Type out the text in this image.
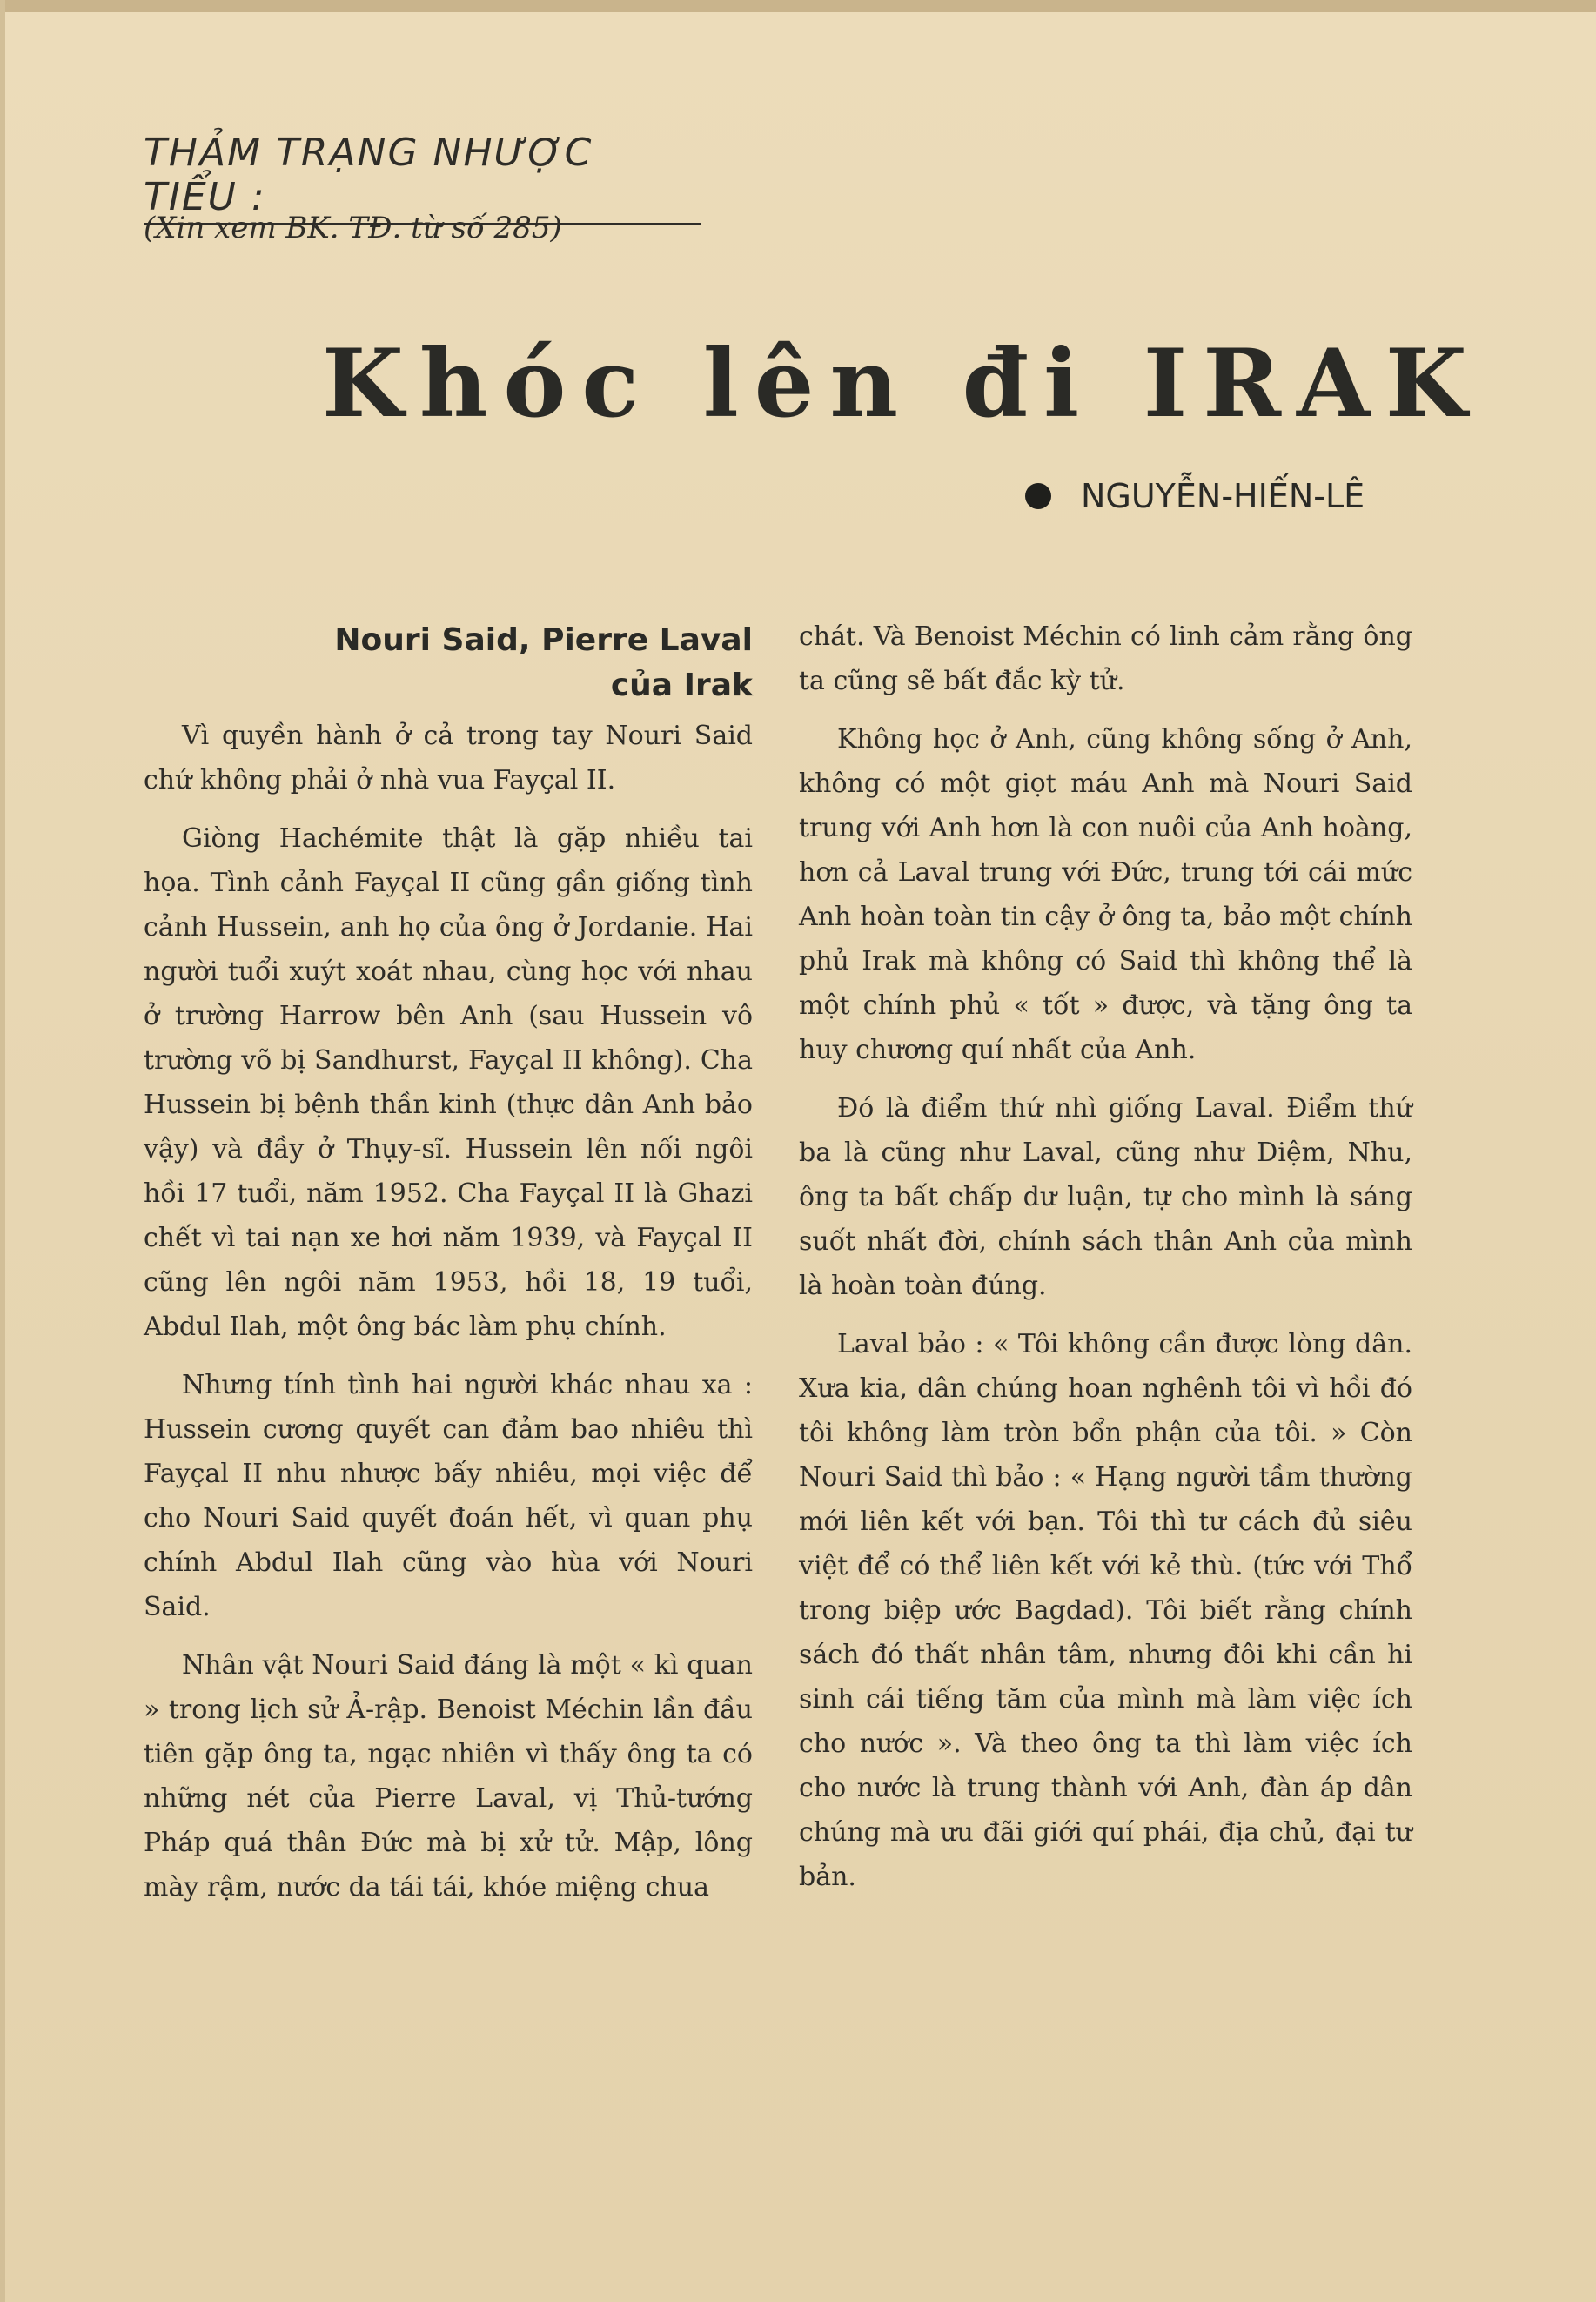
THẢM TRẠNG NHƯỢC TIỂU :
(Xin xem BK. TĐ. từ số 285)
Khóc lên đi IRAK
NGUYỄN-HIẾN-LÊ
Nouri Said, Pierre Laval
của Irak

Vì quyền hành ở cả trong tay Nouri Said chứ không phải ở nhà vua Fayçal II.

Giòng Hachémite thật là gặp nhiều tai họa. Tình cảnh Fayçal II cũng gần giống tình cảnh Hussein, anh họ của ông ở Jordanie. Hai người tuổi xuýt xoát nhau, cùng học với nhau ở trường Harrow bên Anh (sau Hussein vô trường võ bị Sandhurst, Fayçal II không). Cha Hussein bị bệnh thần kinh (thực dân Anh bảo vậy) và đầy ở Thụy-sĩ. Hussein lên nối ngôi hồi 17 tuổi, năm 1952. Cha Fayçal II là Ghazi chết vì tai nạn xe hơi năm 1939, và Fayçal II cũng lên ngôi năm 1953, hồi 18, 19 tuổi, Abdul Ilah, một ông bác làm phụ chính.

Nhưng tính tình hai người khác nhau xa : Hussein cương quyết can đảm bao nhiêu thì Fayçal II nhu nhược bấy nhiêu, mọi việc để cho Nouri Said quyết đoán hết, vì quan phụ chính Abdul Ilah cũng vào hùa với Nouri Said.

Nhân vật Nouri Said đáng là một « kì quan » trong lịch sử Ả-rập. Benoist Méchin lần đầu tiên gặp ông ta, ngạc nhiên vì thấy ông ta có những nét của Pierre Laval, vị Thủ-tướng Pháp quá thân Đức mà bị xử tử. Mập, lông mày rậm, nước da tái tái, khóe miệng chua

chát. Và Benoist Méchin có linh cảm rằng ông ta cũng sẽ bất đắc kỳ tử.

Không học ở Anh, cũng không sống ở Anh, không có một giọt máu Anh mà Nouri Said trung với Anh hơn là con nuôi của Anh hoàng, hơn cả Laval trung với Đức, trung tới cái mức Anh hoàn toàn tin cậy ở ông ta, bảo một chính phủ Irak mà không có Said thì không thể là một chính phủ « tốt » được, và tặng ông ta huy chương quí nhất của Anh.

Đó là điểm thứ nhì giống Laval. Điểm thứ ba là cũng như Laval, cũng như Diệm, Nhu, ông ta bất chấp dư luận, tự cho mình là sáng suốt nhất đời, chính sách thân Anh của mình là hoàn toàn đúng.

Laval bảo : « Tôi không cần được lòng dân. Xưa kia, dân chúng hoan nghênh tôi vì hồi đó tôi không làm tròn bổn phận của tôi. » Còn Nouri Said thì bảo : « Hạng người tầm thường mới liên kết với bạn. Tôi thì tư cách đủ siêu việt để có thể liên kết với kẻ thù. (tức với Thổ trong biệp ước Bagdad). Tôi biết rằng chính sách đó thất nhân tâm, nhưng đôi khi cần hi sinh cái tiếng tăm của mình mà làm việc ích cho nước ». Và theo ông ta thì làm việc ích cho nước là trung thành với Anh, đàn áp dân chúng mà ưu đãi giới quí phái, địa chủ, đại tư bản.
